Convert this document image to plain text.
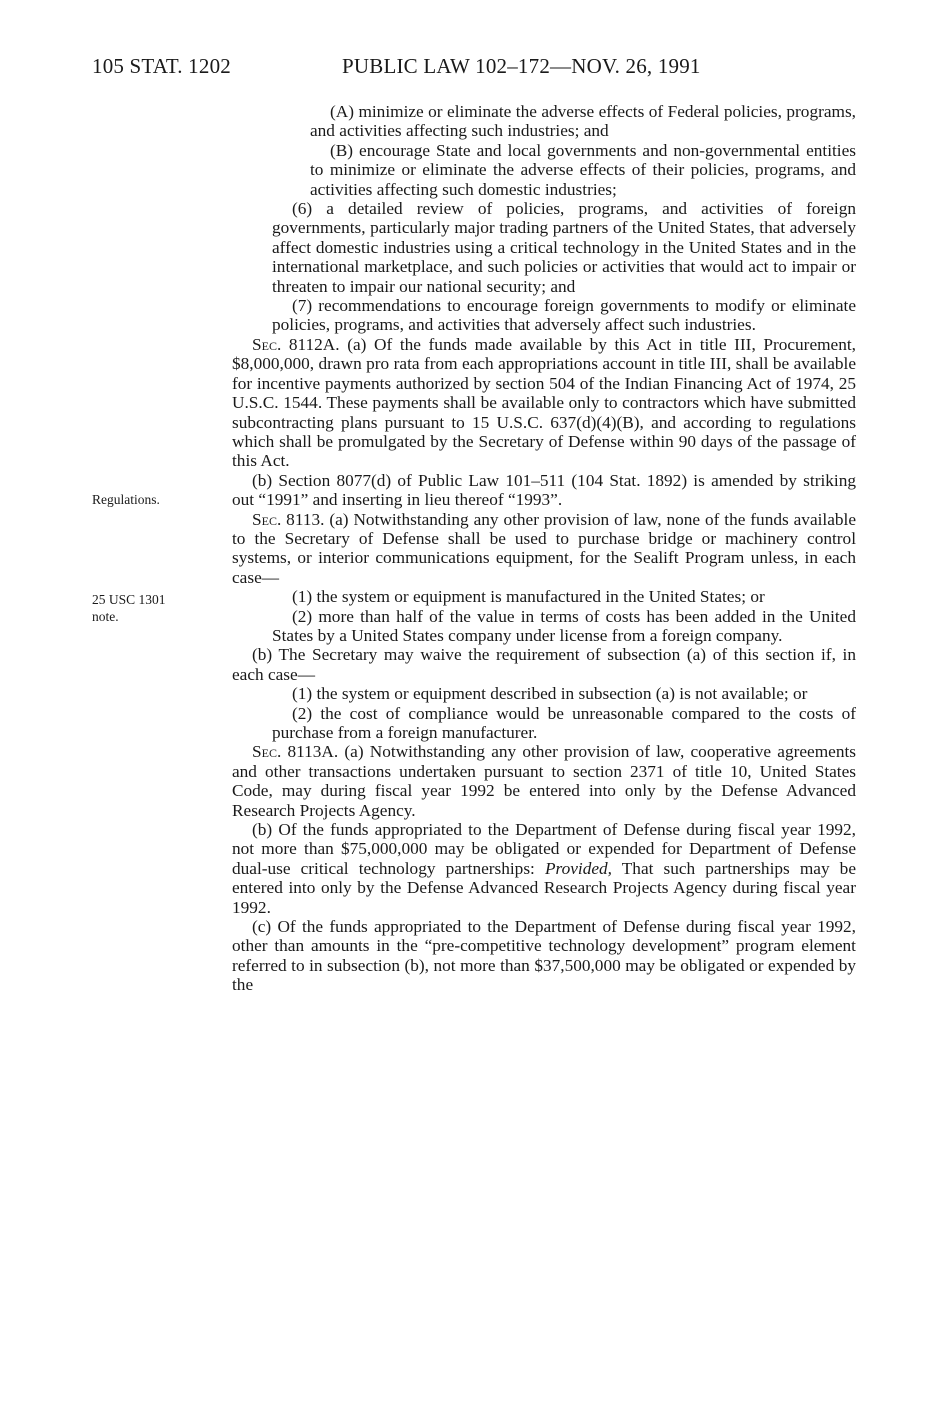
105 STAT. 1202	PUBLIC LAW 102–172—NOV. 26, 1991
Regulations.
25 USC 1301
note.

(A) minimize or eliminate the adverse effects of Federal policies, programs, and activities affecting such industries; and

(B) encourage State and local governments and non-governmental entities to minimize or eliminate the adverse effects of their policies, programs, and activities affecting such domestic industries;

(6) a detailed review of policies, programs, and activities of foreign governments, particularly major trading partners of the United States, that adversely affect domestic industries using a critical technology in the United States and in the international marketplace, and such policies or activities that would act to impair or threaten to impair our national security; and

(7) recommendations to encourage foreign governments to modify or eliminate policies, programs, and activities that adversely affect such industries.

Sec. 8112A. (a) Of the funds made available by this Act in title III, Procurement, $8,000,000, drawn pro rata from each appropriations account in title III, shall be available for incentive payments authorized by section 504 of the Indian Financing Act of 1974, 25 U.S.C. 1544. These payments shall be available only to contractors which have submitted subcontracting plans pursuant to 15 U.S.C. 637(d)(4)(B), and according to regulations which shall be promulgated by the Secretary of Defense within 90 days of the passage of this Act.

(b) Section 8077(d) of Public Law 101–511 (104 Stat. 1892) is amended by striking out “1991” and inserting in lieu thereof “1993”.

Sec. 8113. (a) Notwithstanding any other provision of law, none of the funds available to the Secretary of Defense shall be used to purchase bridge or machinery control systems, or interior communications equipment, for the Sealift Program unless, in each case—

(1) the system or equipment is manufactured in the United States; or

(2) more than half of the value in terms of costs has been added in the United States by a United States company under license from a foreign company.

(b) The Secretary may waive the requirement of subsection (a) of this section if, in each case—

(1) the system or equipment described in subsection (a) is not available; or

(2) the cost of compliance would be unreasonable compared to the costs of purchase from a foreign manufacturer.

Sec. 8113A. (a) Notwithstanding any other provision of law, cooperative agreements and other transactions undertaken pursuant to section 2371 of title 10, United States Code, may during fiscal year 1992 be entered into only by the Defense Advanced Research Projects Agency.

(b) Of the funds appropriated to the Department of Defense during fiscal year 1992, not more than $75,000,000 may be obligated or expended for Department of Defense dual-use critical technology partnerships: Provided, That such partnerships may be entered into only by the Defense Advanced Research Projects Agency during fiscal year 1992.

(c) Of the funds appropriated to the Department of Defense during fiscal year 1992, other than amounts in the “pre-competitive technology development” program element referred to in subsection (b), not more than $37,500,000 may be obligated or expended by the
